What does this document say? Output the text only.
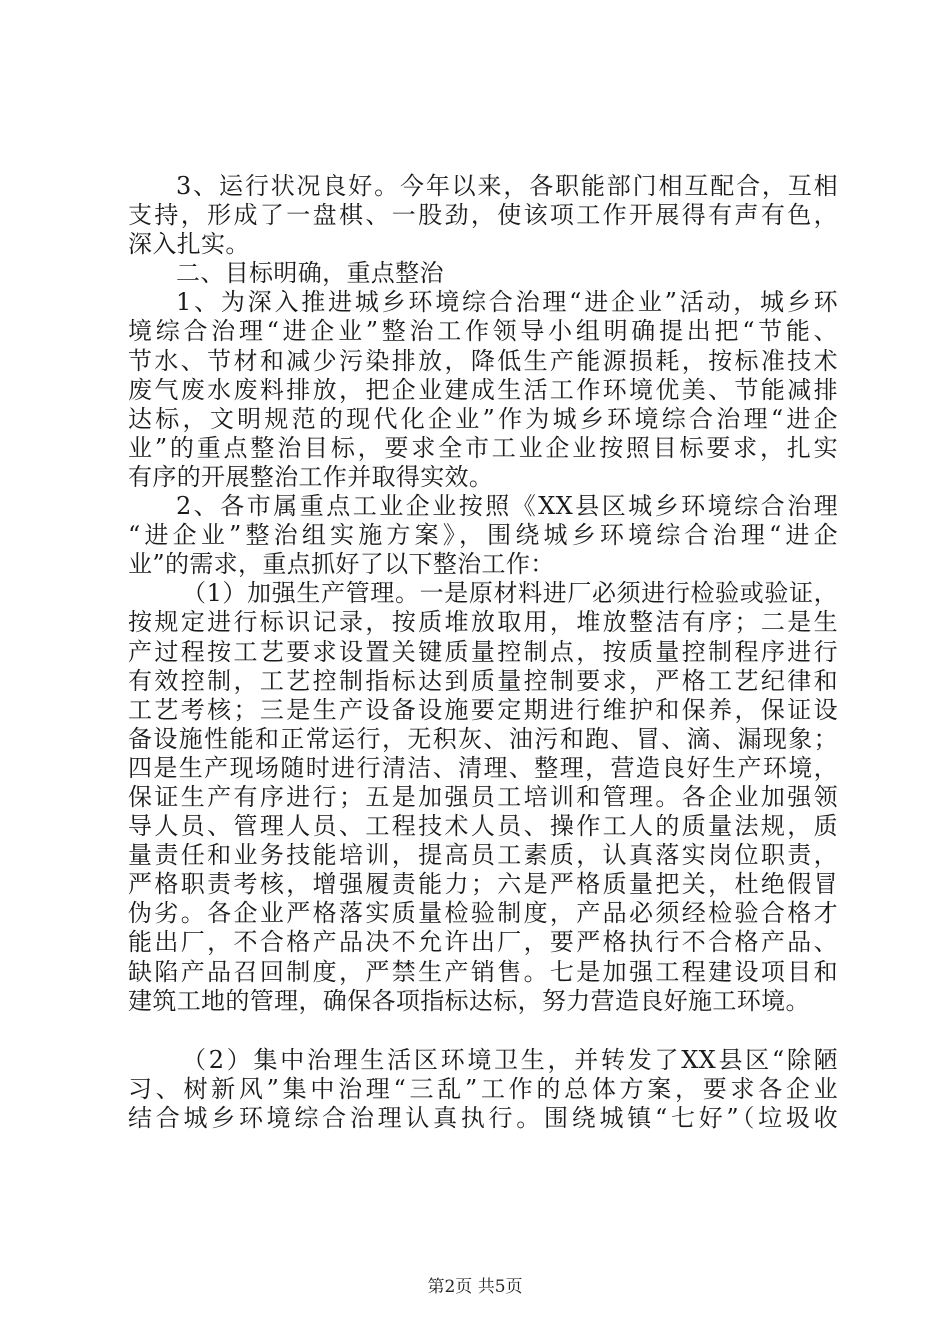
3、运行状况良好。今年以来，各职能部门相互配合，互相
支持，形成了一盘棋、一股劲，使该项工作开展得有声有色，
深入扎实。
二、目标明确，重点整治
1、为深入推进城乡环境综合治理“进企业”活动，城乡环
境综合治理“进企业”整治工作领导小组明确提出把“节能、
节水、节材和减少污染排放，降低生产能源损耗，按标准技术
废气废水废料排放，把企业建成生活工作环境优美、节能减排
达标，文明规范的现代化企业”作为城乡环境综合治理“进企
业”的重点整治目标，要求全市工业企业按照目标要求，扎实
有序的开展整治工作并取得实效。
2、各市属重点工业企业按照《XX县区城乡环境综合治理
“进企业”整治组实施方案》，围绕城乡环境综合治理“进企
业”的需求，重点抓好了以下整治工作：
（1）加强生产管理。一是原材料进厂必须进行检验或验证，
按规定进行标识记录，按质堆放取用，堆放整洁有序；二是生
产过程按工艺要求设置关键质量控制点，按质量控制程序进行
有效控制，工艺控制指标达到质量控制要求，严格工艺纪律和
工艺考核；三是生产设备设施要定期进行维护和保养，保证设
备设施性能和正常运行，无积灰、油污和跑、冒、滴、漏现象；
四是生产现场随时进行清洁、清理、整理，营造良好生产环境，
保证生产有序进行；五是加强员工培训和管理。各企业加强领
导人员、管理人员、工程技术人员、操作工人的质量法规，质
量责任和业务技能培训，提高员工素质，认真落实岗位职责，
严格职责考核，增强履责能力；六是严格质量把关，杜绝假冒
伪劣。各企业严格落实质量检验制度，产品必须经检验合格才
能出厂，不合格产品决不允许出厂，要严格执行不合格产品、
缺陷产品召回制度，严禁生产销售。七是加强工程建设项目和
建筑工地的管理，确保各项指标达标，努力营造良好施工环境。
（2）集中治理生活区环境卫生，并转发了XX县区“除陋
习、树新风”集中治理“三乱”工作的总体方案，要求各企业
结合城乡环境综合治理认真执行。围绕城镇“七好”（垃圾收
第2页 共5页
